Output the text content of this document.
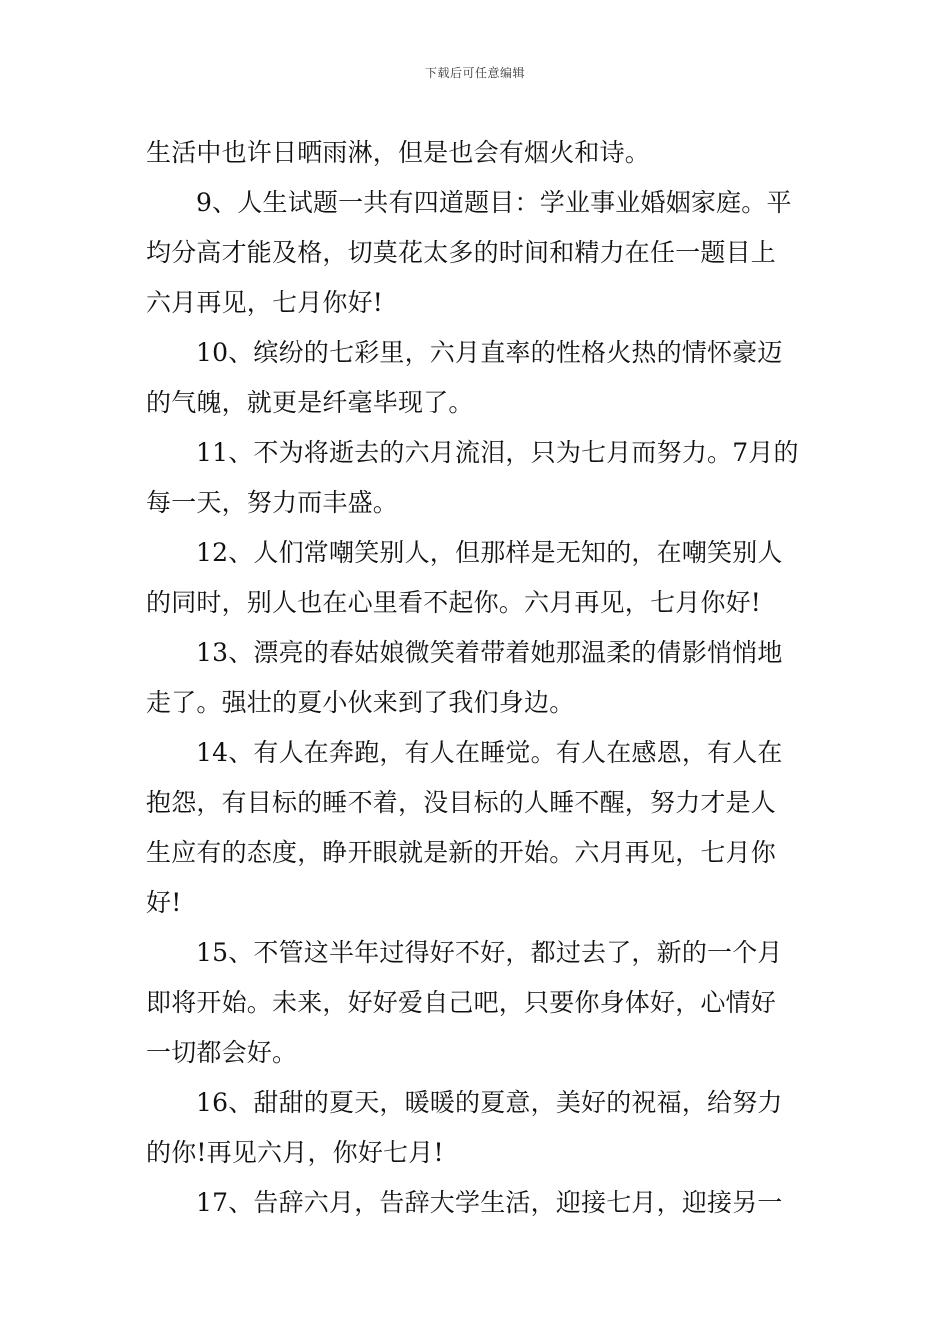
下载后可任意编辑
生活中也许日晒雨淋，但是也会有烟火和诗。
9、人生试题一共有四道题目：学业事业婚姻家庭。平
均分高才能及格，切莫花太多的时间和精力在任一题目上
六月再见，七月你好!
10、缤纷的七彩里，六月直率的性格火热的情怀豪迈
的气魄，就更是纤毫毕现了。
11、不为将逝去的六月流泪，只为七月而努力。7月的
每一天，努力而丰盛。
12、人们常嘲笑别人，但那样是无知的，在嘲笑别人
的同时，别人也在心里看不起你。六月再见，七月你好!
13、漂亮的春姑娘微笑着带着她那温柔的倩影悄悄地
走了。强壮的夏小伙来到了我们身边。
14、有人在奔跑，有人在睡觉。有人在感恩，有人在
抱怨，有目标的睡不着，没目标的人睡不醒，努力才是人
生应有的态度，睁开眼就是新的开始。六月再见，七月你
好!
15、不管这半年过得好不好，都过去了，新的一个月
即将开始。未来，好好爱自己吧，只要你身体好，心情好
一切都会好。
16、甜甜的夏天，暖暖的夏意，美好的祝福，给努力
的你!再见六月，你好七月!
17、告辞六月，告辞大学生活，迎接七月，迎接另一
